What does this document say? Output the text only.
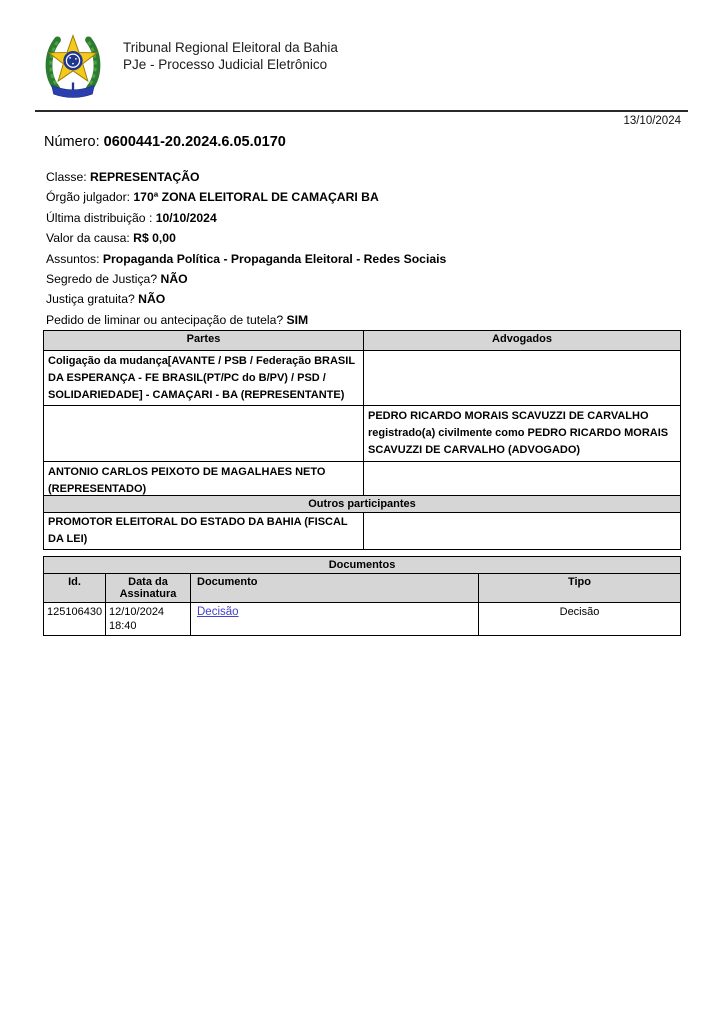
Tribunal Regional Eleitoral da Bahia
PJe - Processo Judicial Eletrônico
13/10/2024
Número: 0600441-20.2024.6.05.0170
Classe: REPRESENTAÇÃO
Órgão julgador: 170ª ZONA ELEITORAL DE CAMAÇARI BA
Última distribuição : 10/10/2024
Valor da causa: R$ 0,00
Assuntos: Propaganda Política - Propaganda Eleitoral - Redes Sociais
Segredo de Justiça? NÃO
Justiça gratuita? NÃO
Pedido de liminar ou antecipação de tutela? SIM
Partes	Advogados
Coligação da mudança[AVANTE / PSB / Federação BRASIL DA ESPERANÇA - FE BRASIL(PT/PC do B/PV) / PSD / SOLIDARIEDADE] - CAMAÇARI - BA (REPRESENTANTE)	
	PEDRO RICARDO MORAIS SCAVUZZI DE CARVALHO registrado(a) civilmente como PEDRO RICARDO MORAIS SCAVUZZI DE CARVALHO (ADVOGADO)
ANTONIO CARLOS PEIXOTO DE MAGALHAES NETO (REPRESENTADO)	
Outros participantes
PROMOTOR ELEITORAL DO ESTADO DA BAHIA (FISCAL DA LEI)	
Documentos			
Id.	Data da Assinatura	Documento	Tipo
125106430	12/10/2024 18:40	Decisão	Decisão
